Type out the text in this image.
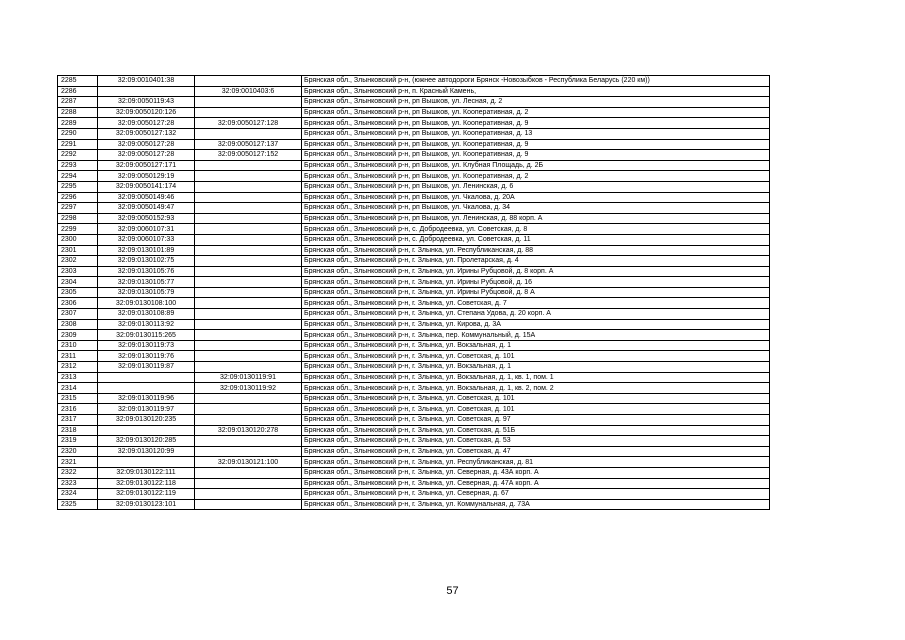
2285	32:09:0010401:38		Брянская обл., Злынковский р-н, (южнее автодороги Брянск -Новозыбков - Республика Беларусь (220 км))
2286		32:09:0010403:6	Брянская обл., Злынковский р-н, п. Красный Камень,
2287	32:09:0050119:43		Брянская обл., Злынковский р-н, рп Вышков, ул. Лесная, д. 2
2288	32:09:0050120:126		Брянская обл., Злынковский р-н, рп Вышков, ул. Кооперативная, д. 2
2289	32:09:0050127:28	32:09:0050127:128	Брянская обл., Злынковский р-н, рп Вышков, ул. Кооперативная, д. 9
2290	32:09:0050127:132		Брянская обл., Злынковский р-н, рп Вышков, ул. Кооперативная, д. 13
2291	32:09:0050127:28	32:09:0050127:137	Брянская обл., Злынковский р-н, рп Вышков, ул. Кооперативная, д. 9
2292	32:09:0050127:28	32:09:0050127:152	Брянская обл., Злынковский р-н, рп Вышков, ул. Кооперативная, д. 9
2293	32:09:0050127:171		Брянская обл., Злынковский р-н, рп Вышков, ул. Клубная Площадь, д. 2Б
2294	32:09:0050129:19		Брянская обл., Злынковский р-н, рп Вышков, ул. Кооперативная, д. 2
2295	32:09:0050141:174		Брянская обл., Злынковский р-н, рп Вышков, ул. Ленинская, д. 6
2296	32:09:0050149:46		Брянская обл., Злынковский р-н, рп Вышков, ул. Чкалова, д. 20А
2297	32:09:0050149:47		Брянская обл., Злынковский р-н, рп Вышков, ул. Чкалова, д. 34
2298	32:09:0050152:93		Брянская обл., Злынковский р-н, рп Вышков, ул. Ленинская, д. 88 корп. А
2299	32:09:0060107:31		Брянская обл., Злынковский р-н, с. Добродеевка, ул. Советская, д. 8
2300	32:09:0060107:33		Брянская обл., Злынковский р-н, с. Добродеевка, ул. Советская, д. 11
2301	32:09:0130101:89		Брянская обл., Злынковский р-н, г. Злынка, ул. Республиканская, д. 88
2302	32:09:0130102:75		Брянская обл., Злынковский р-н, г. Злынка, ул. Пролетарская, д. 4
2303	32:09:0130105:76		Брянская обл., Злынковский р-н, г. Злынка, ул. Ирины Рубцовой, д. 8 корп. А
2304	32:09:0130105:77		Брянская обл., Злынковский р-н, г. Злынка, ул. Ирины Рубцовой, д. 16
2305	32:09:0130105:79		Брянская обл., Злынковский р-н, г. Злынка, ул. Ирины Рубцовой, д. 8 А
2306	32:09:0130108:100		Брянская обл., Злынковский р-н, г. Злынка, ул. Советская, д. 7
2307	32:09:0130108:89		Брянская обл., Злынковский р-н, г. Злынка, ул. Степана Удова, д. 20 корп. А
2308	32:09:0130113:92		Брянская обл., Злынковский р-н, г. Злынка, ул. Кирова, д. 3А
2309	32:09:0130115:265		Брянская обл., Злынковский р-н, г. Злынка, пер. Коммунальный, д. 15А
2310	32:09:0130119:73		Брянская обл., Злынковский р-н, г. Злынка, ул. Вокзальная, д. 1
2311	32:09:0130119:76		Брянская обл., Злынковский р-н, г. Злынка, ул. Советская, д. 101
2312	32:09:0130119:87		Брянская обл., Злынковский р-н, г. Злынка, ул. Вокзальная, д. 1
2313		32:09:0130119:91	Брянская обл., Злынковский р-н, г. Злынка, ул. Вокзальная, д. 1, кв. 1, пом. 1
2314		32:09:0130119:92	Брянская обл., Злынковский р-н, г. Злынка, ул. Вокзальная, д. 1, кв. 2, пом. 2
2315	32:09:0130119:96		Брянская обл., Злынковский р-н, г. Злынка, ул. Советская, д. 101
2316	32:09:0130119:97		Брянская обл., Злынковский р-н, г. Злынка, ул. Советская, д. 101
2317	32:09:0130120:235		Брянская обл., Злынковский р-н, г. Злынка, ул. Советская, д. 97
2318		32:09:0130120:278	Брянская обл., Злынковский р-н, г. Злынка, ул. Советская, д. 51Б
2319	32:09:0130120:285		Брянская обл., Злынковский р-н, г. Злынка, ул. Советская, д. 53
2320	32:09:0130120:99		Брянская обл., Злынковский р-н, г. Злынка, ул. Советская, д. 47
2321		32:09:0130121:100	Брянская обл., Злынковский р-н, г. Злынка, ул. Республиканская, д. 81
2322	32:09:0130122:111		Брянская обл., Злынковский р-н, г. Злынка, ул. Северная, д. 43А корп. А
2323	32:09:0130122:118		Брянская обл., Злынковский р-н, г. Злынка, ул. Северная, д. 47А корп. А
2324	32:09:0130122:119		Брянская обл., Злынковский р-н, г. Злынка, ул. Северная, д. 67
2325	32:09:0130123:101		Брянская обл., Злынковский р-н, г. Злынка, ул. Коммунальная, д. 73А
57
